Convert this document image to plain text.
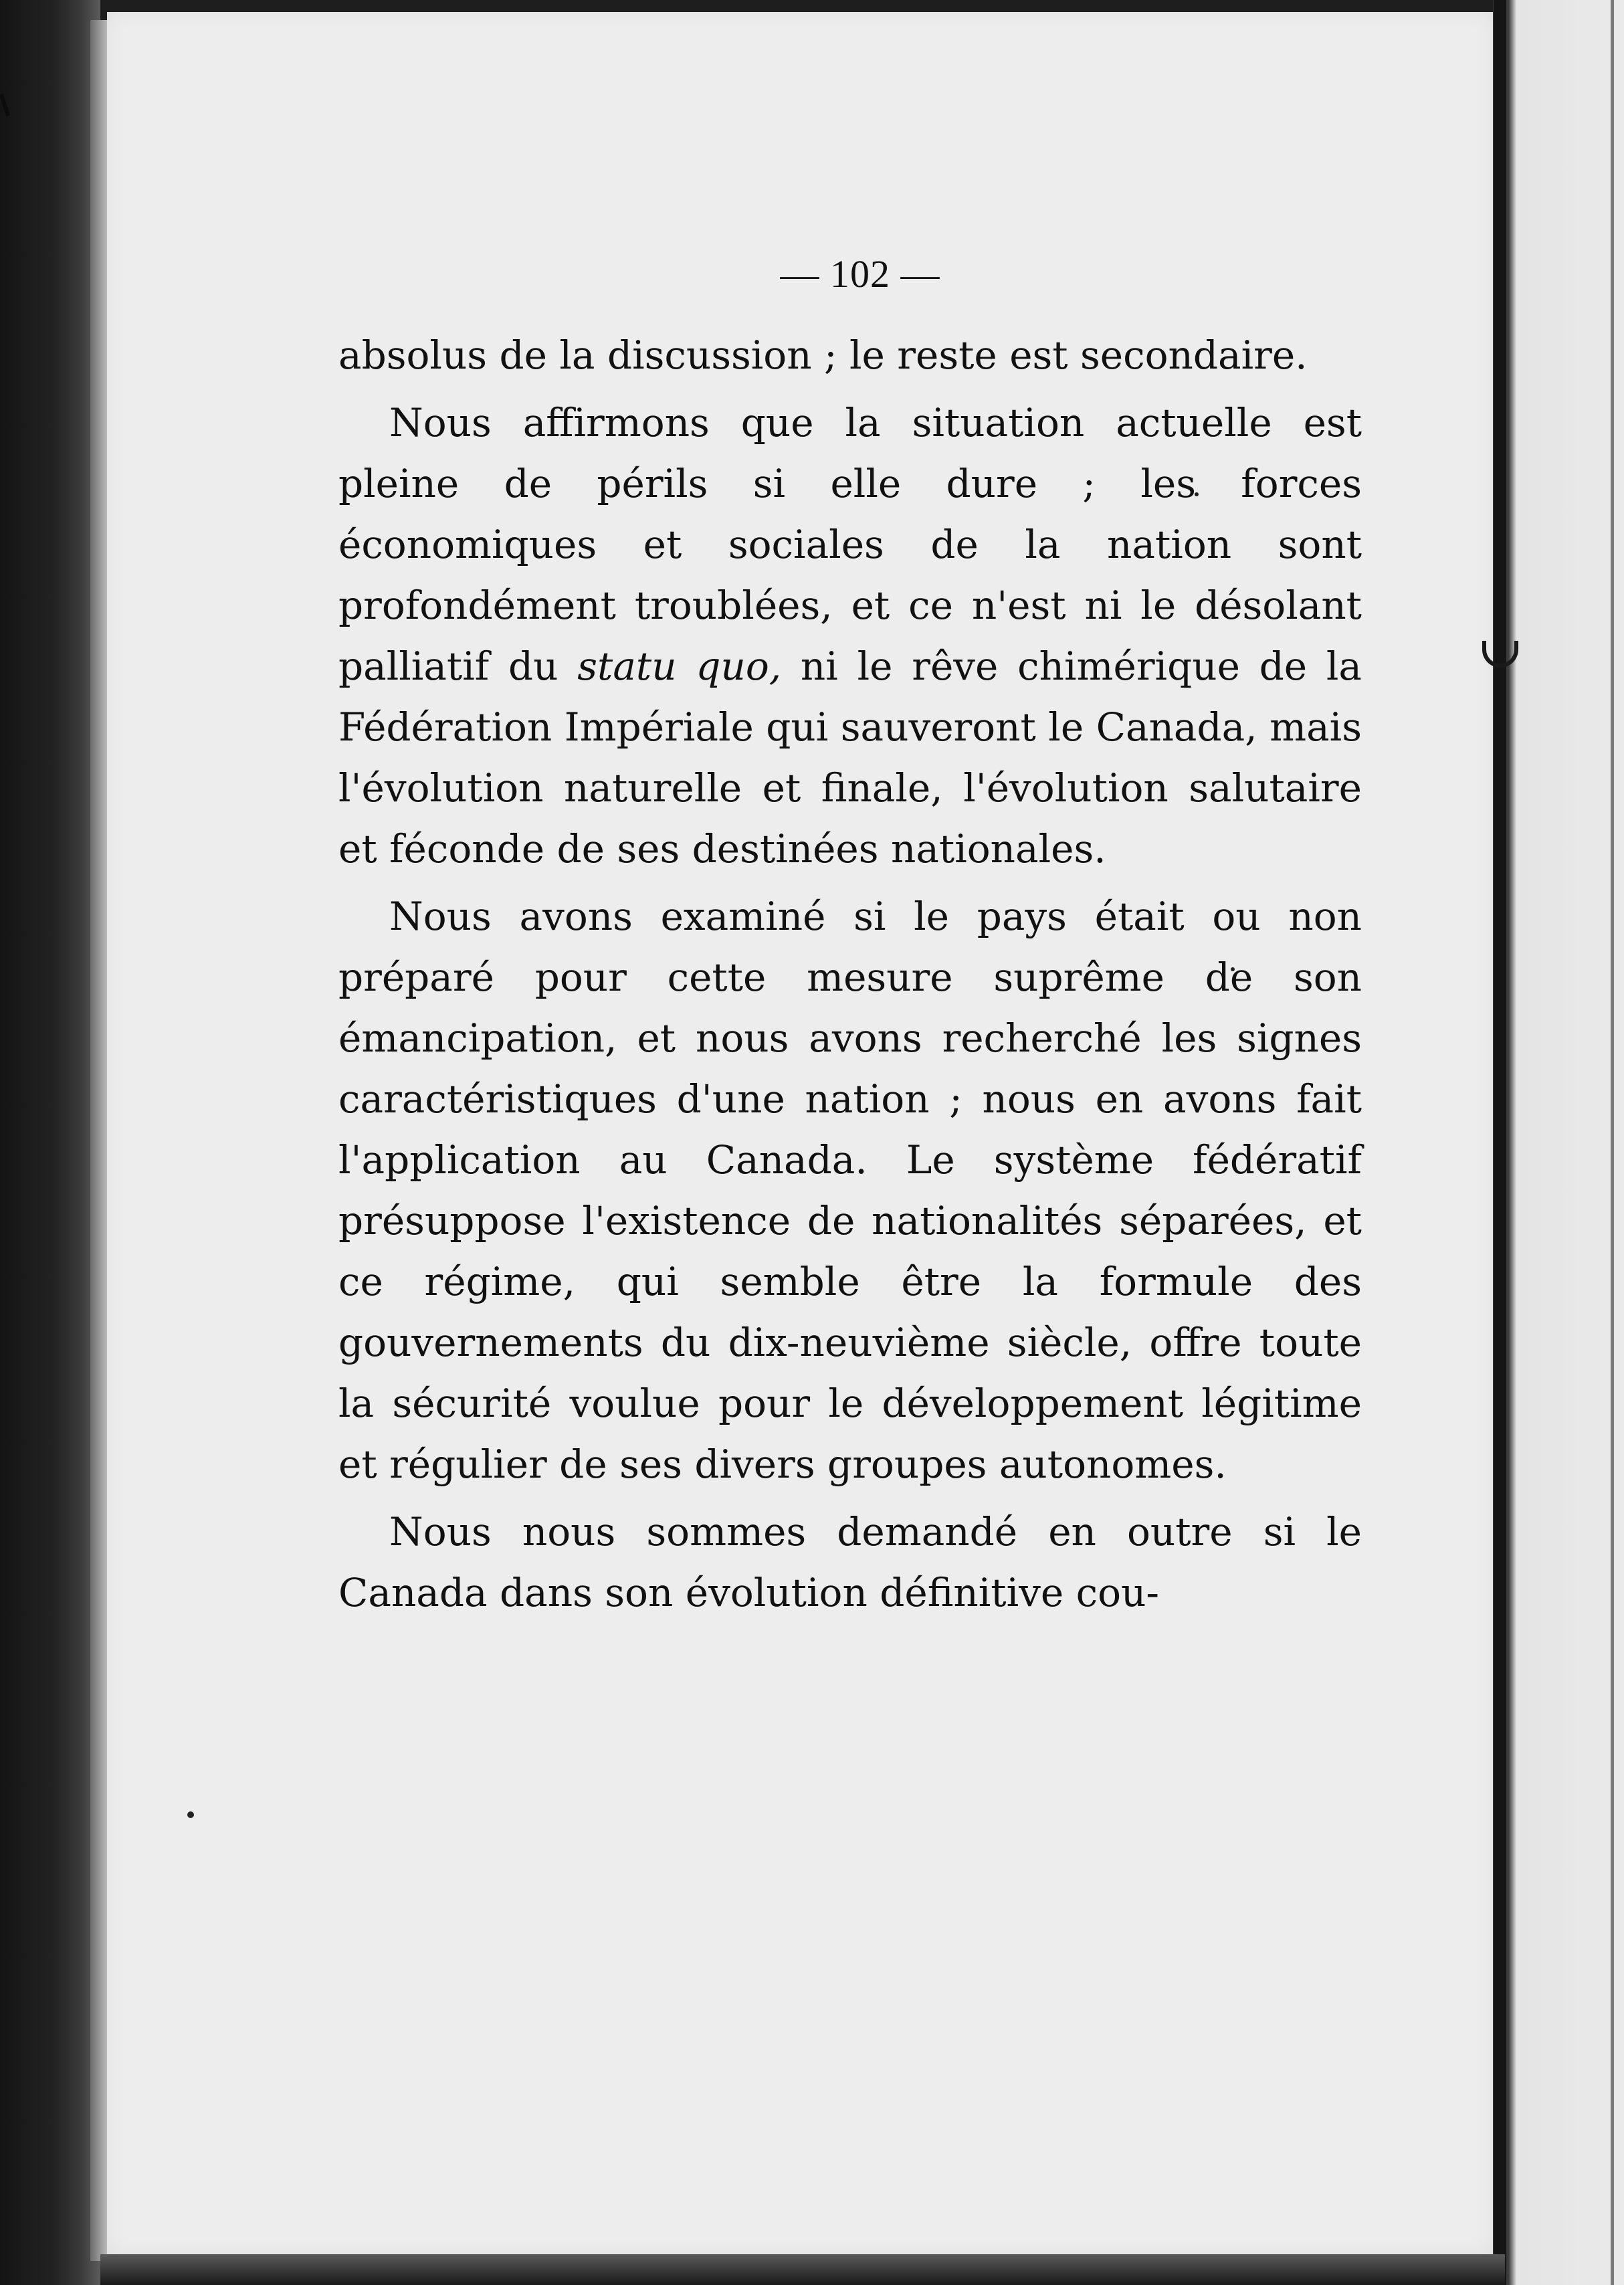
— 102 —

absolus de la discussion ; le reste est secondaire.

Nous affirmons que la situation actuelle est pleine de périls si elle dure ; les forces économiques et sociales de la nation sont profondément troublées, et ce n'est ni le désolant palliatif du statu quo, ni le rêve chimérique de la Fédération Impériale qui sauveront le Canada, mais l'évolution naturelle et finale, l'évolution salutaire et féconde de ses destinées nationales.

Nous avons examiné si le pays était ou non préparé pour cette mesure suprême de son émancipation, et nous avons recherché les signes caractéristiques d'une nation ; nous en avons fait l'application au Canada. Le système fédératif présuppose l'existence de nationalités séparées, et ce régime, qui semble être la formule des gouvernements du dix-neuvième siècle, offre toute la sécurité voulue pour le développement légitime et régulier de ses divers groupes autonomes.

Nous nous sommes demandé en outre si le Canada dans son évolution définitive cou-
